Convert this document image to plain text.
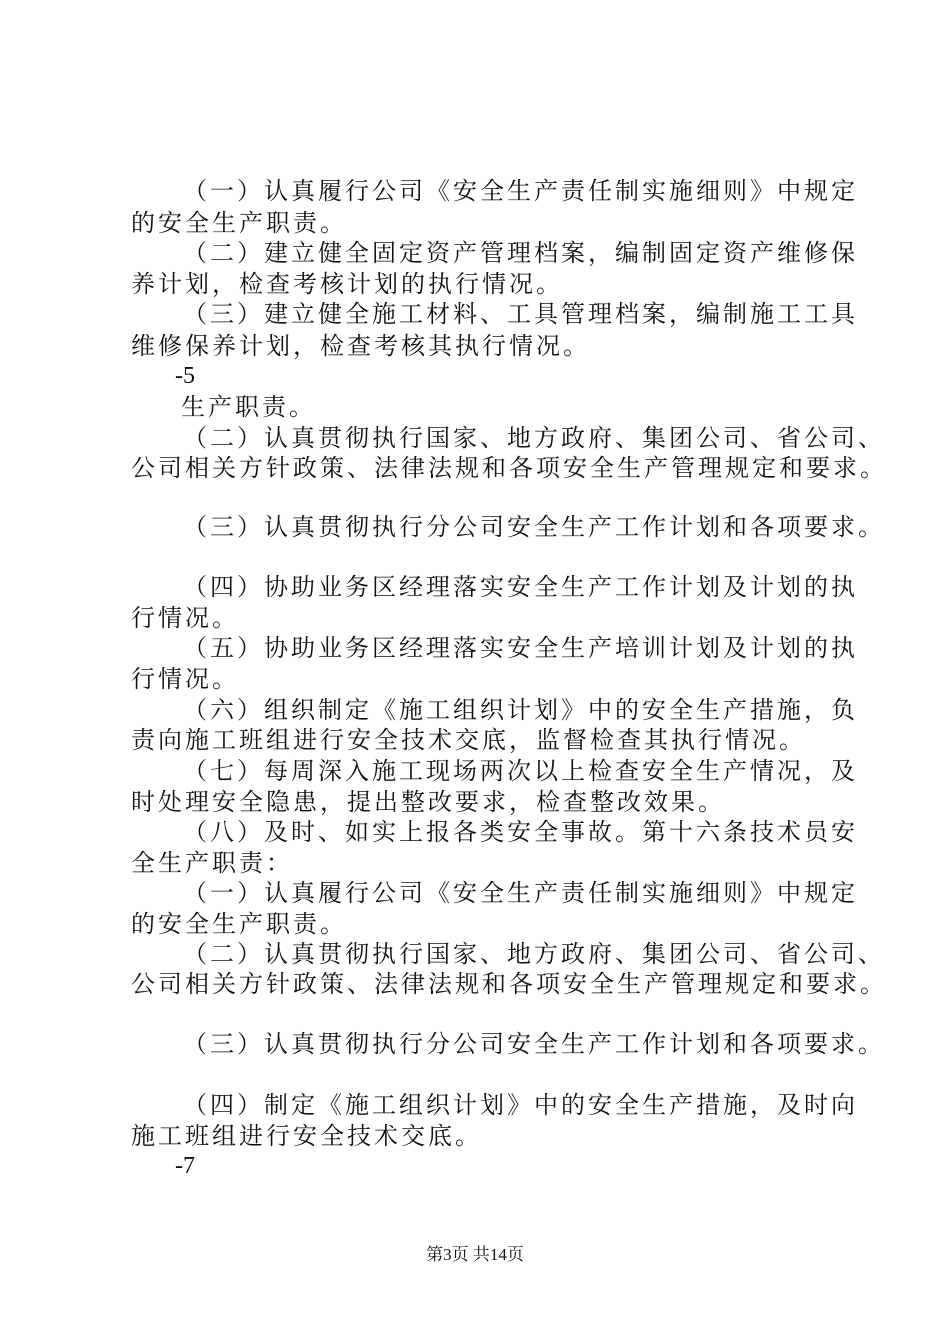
（一）认真履行公司《安全生产责任制实施细则》中规定
的安全生产职责。
（二）建立健全固定资产管理档案，编制固定资产维修保
养计划，检查考核计划的执行情况。
（三）建立健全施工材料、工具管理档案，编制施工工具
维修保养计划，检查考核其执行情况。
-5
生产职责。
（二）认真贯彻执行国家、地方政府、集团公司、省公司、
公司相关方针政策、法律法规和各项安全生产管理规定和要求。
（三）认真贯彻执行分公司安全生产工作计划和各项要求。
（四）协助业务区经理落实安全生产工作计划及计划的执
行情况。
（五）协助业务区经理落实安全生产培训计划及计划的执
行情况。
（六）组织制定《施工组织计划》中的安全生产措施，负
责向施工班组进行安全技术交底，监督检查其执行情况。
（七）每周深入施工现场两次以上检查安全生产情况，及
时处理安全隐患，提出整改要求，检查整改效果。
（八）及时、如实上报各类安全事故。第十六条技术员安
全生产职责：
（一）认真履行公司《安全生产责任制实施细则》中规定
的安全生产职责。
（二）认真贯彻执行国家、地方政府、集团公司、省公司、
公司相关方针政策、法律法规和各项安全生产管理规定和要求。
（三）认真贯彻执行分公司安全生产工作计划和各项要求。
（四）制定《施工组织计划》中的安全生产措施，及时向
施工班组进行安全技术交底。
-7
第3页 共14页
